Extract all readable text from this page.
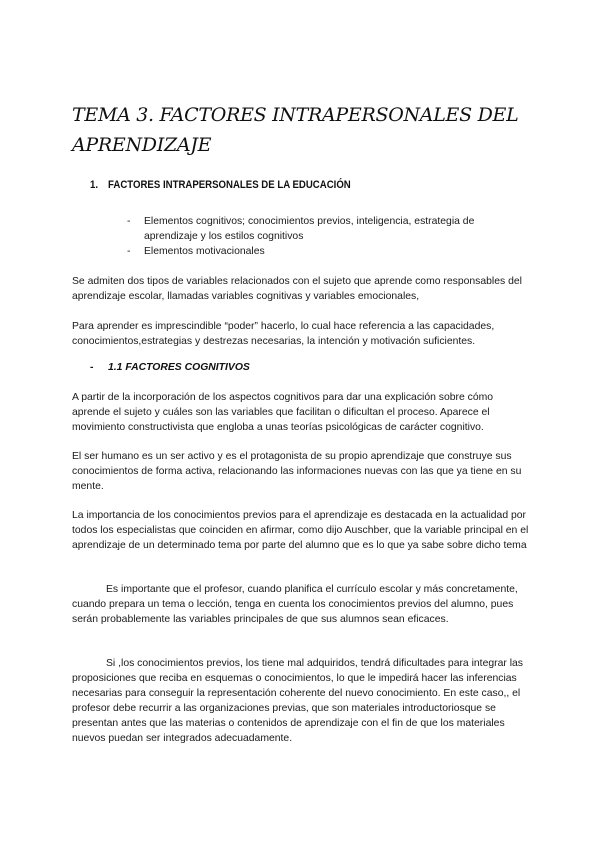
TEMA 3. FACTORES INTRAPERSONALES DEL
APRENDIZAJE
1. FACTORES INTRAPERSONALES DE LA EDUCACIÓN
- Elementos cognitivos; conocimientos previos, inteligencia, estrategia de aprendizaje y los estilos cognitivos
- Elementos motivacionales

Se admiten dos tipos de variables relacionados con el sujeto que aprende como responsables del aprendizaje escolar, llamadas variables cognitivas y variables emocionales,

Para aprender es imprescindible “poder” hacerlo, lo cual hace referencia a las capacidades, conocimientos,estrategias y destrezas necesarias, la intención y motivación suficientes.

- 1.1 FACTORES COGNITIVOS

A partir de la incorporación de los aspectos cognitivos para dar una explicación sobre cómo aprende el sujeto y cuáles son las variables que facilitan o dificultan el proceso. Aparece el movimiento constructivista que engloba a unas teorías psicológicas de carácter cognitivo.

El ser humano es un ser activo y es el protagonista de su propio aprendizaje que construye sus conocimientos de forma activa, relacionando las informaciones nuevas con las que ya tiene en su mente.

La importancia de los conocimientos previos para el aprendizaje es destacada en la actualidad por todos los especialistas que coinciden en afirmar, como dijo Auschber, que la variable principal en el aprendizaje de un determinado tema por parte del alumno que es lo que ya sabe sobre dicho tema

Es importante que el profesor, cuando planifica el currículo escolar y más concretamente, cuando prepara un tema o lección, tenga en cuenta los conocimientos previos del alumno, pues serán probablemente las variables principales de que sus alumnos sean eficaces.

Si ,los conocimientos previos, los tiene mal adquiridos, tendrá dificultades para integrar las proposiciones que reciba en esquemas o conocimientos, lo que le impedirá hacer las inferencias necesarias para conseguir la representación coherente del nuevo conocimiento. En este caso,, el profesor debe recurrir a las organizaciones previas, que son materiales introductoriosque se presentan antes que las materias o contenidos de aprendizaje con el fin de que los materiales nuevos puedan ser integrados adecuadamente.
